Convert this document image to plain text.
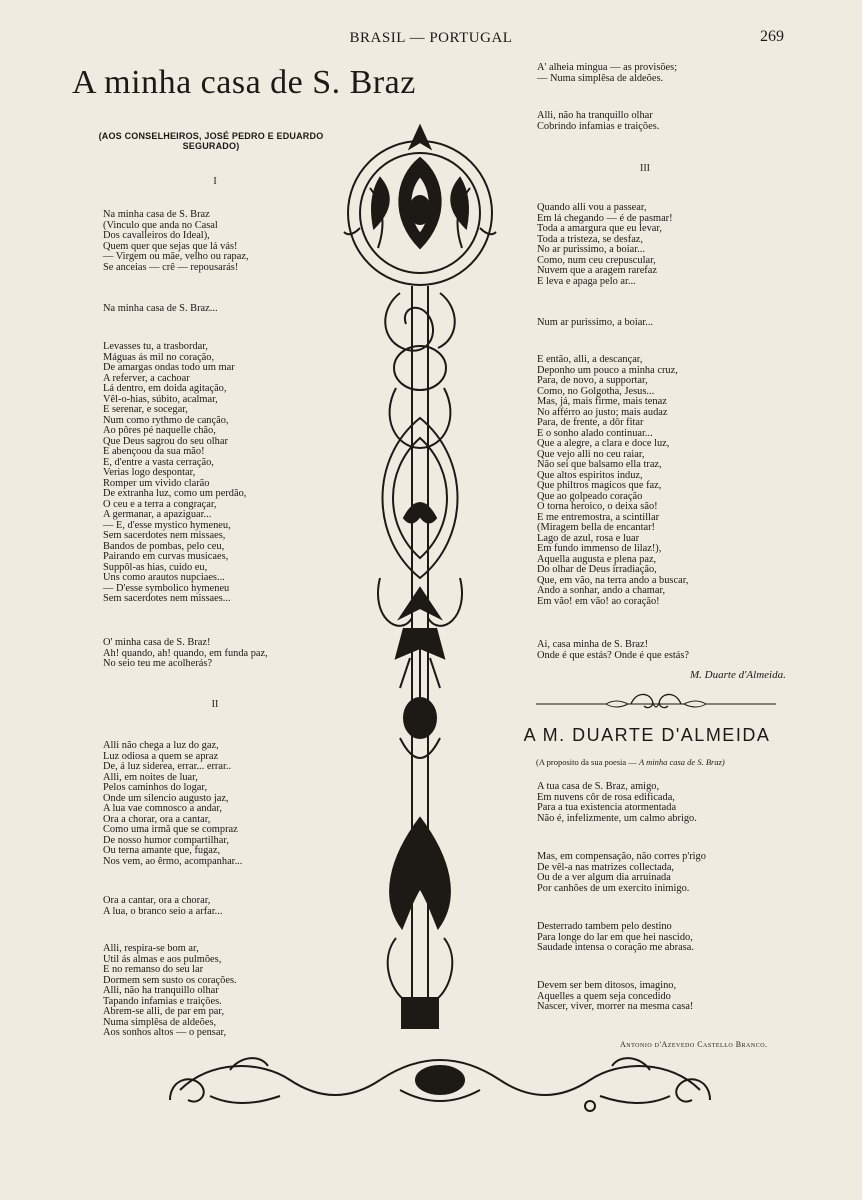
BRASIL — PORTUGAL	269
A minha casa de S. Braz
(AOS CONSELHEIROS, JOSÉ PEDRO E EDUARDO SEGURADO)
I
Na minha casa de S. Braz
(Vinculo que anda no Casal
Dos cavalleiros do Ideal),
Quem quer que sejas que lá vás!
— Virgem ou mãe, velho ou rapaz,
Se anceias — crê — repousarás!
Na minha casa de S. Braz...
Levasses tu, a trasbordar,
Máguas ás mil no coração,
De amargas ondas todo um mar
A referver, a cachoar
Lá dentro, em doida agitação,
Vêl-o-hias, súbito, acalmar,
E serenar, e socegar,
Num como rythmo de canção,
Ao pôres pé naquelle chão,
Que Deus sagrou do seu olhar
E abençoou da sua mão!
E, d'entre a vasta cerração,
Verias logo despontar,
Romper um vivido clarão
De extranha luz, como um perdão,
O ceu e a terra a congraçar,
A germanar, a apaziguar...
— E, d'esse mystico hymeneu,
Sem sacerdotes nem missaes,
Bandos de pombas, pelo ceu,
Pairando em curvas musicaes,
Suppôl-as hias, cuido eu,
Uns como arautos nupciaes...
— D'esse symbolico hymeneu
Sem sacerdotes nem missaes...
O' minha casa de S. Braz!
Ah! quando, ah! quando, em funda paz,
No seio teu me acolherás?
II
Alli não chega a luz do gaz,
Luz odiosa a quem se apraz
De, á luz siderea, errar... errar..
Alli, em noites de luar,
Pelos caminhos do logar,
Onde um silencio augusto jaz,
A lua vae comnosco a andar,
Ora a chorar, ora a cantar,
Como uma irmã que se compraz
De nosso humor compartilhar,
Ou terna amante que, fugaz,
Nos vem, ao êrmo, acompanhar...
Ora a cantar, ora a chorar,
A lua, o branco seio a arfar...
Alli, respira-se bom ar,
Util ás almas e aos pulmões,
E no remanso do seu lar
Dormem sem susto os corações.
Alli, não ha tranquillo olhar
Tapando infamias e traições.
Abrem-se alli, de par em par,
Numa simplêsa de aldeões,
Aos sonhos altos — o pensar,
A' alheia mingua — as provisões;
— Numa simplêsa de aldeões.
Alli, não ha tranquillo olhar
Cobrindo infamias e traições.
III
Quando alli vou a passear,
Em lá chegando — é de pasmar!
Toda a amargura que eu levar,
Toda a tristeza, se desfaz,
No ar purissimo, a boiar...
Como, num ceu crepuscular,
Nuvem que a aragem rarefaz
E leva e apaga pelo ar...
Num ar purissimo, a boiar...
E então, alli, a descançar,
Deponho um pouco a minha cruz,
Para, de novo, a supportar,
Como, no Golgotha, Jesus...
Mas, já, mais firme, mais tenaz
No afférro ao justo; mais audaz
Para, de frente, a dôr fitar
E o sonho alado continuar...
Que a alegre, a clara e doce luz,
Que vejo alli no ceu raiar,
Não sei que balsamo ella traz,
Que altos espiritos induz,
Que philtros magicos que faz,
Que ao golpeado coração
O torna heroico, o deixa são!
E me entremostra, a scintillar
(Miragem bella de encantar!
Lago de azul, rosa e luar
Em fundo immenso de lilaz!),
Aquella augusta e plena paz,
Do olhar de Deus irradiação,
Que, em vão, na terra ando a buscar,
Ando a sonhar, ando a chamar,
Em vão! em vão! ao coração!
Ai, casa minha de S. Braz!
Onde é que estás? Onde é que estás?
M. Duarte d'Almeida.
A M. DUARTE D'ALMEIDA
(A proposito da sua poesia — A minha casa de S. Braz)
A tua casa de S. Braz, amigo,
Em nuvens côr de rosa edificada,
Para a tua existencia atormentada
Não é, infelizmente, um calmo abrigo.
Mas, em compensação, não corres p'rigo
De vêl-a nas matrizes collectada,
Ou de a ver algum dia arruinada
Por canhões de um exercito inimigo.
Desterrado tambem pelo destino
Para longe do lar em que hei nascido,
Saudade intensa o coração me abrasa.
Devem ser bem ditosos, imagino,
Aquelles a quem seja concedido
Nascer, viver, morrer na mesma casa!
Antonio d'Azevedo Castello Branco.
